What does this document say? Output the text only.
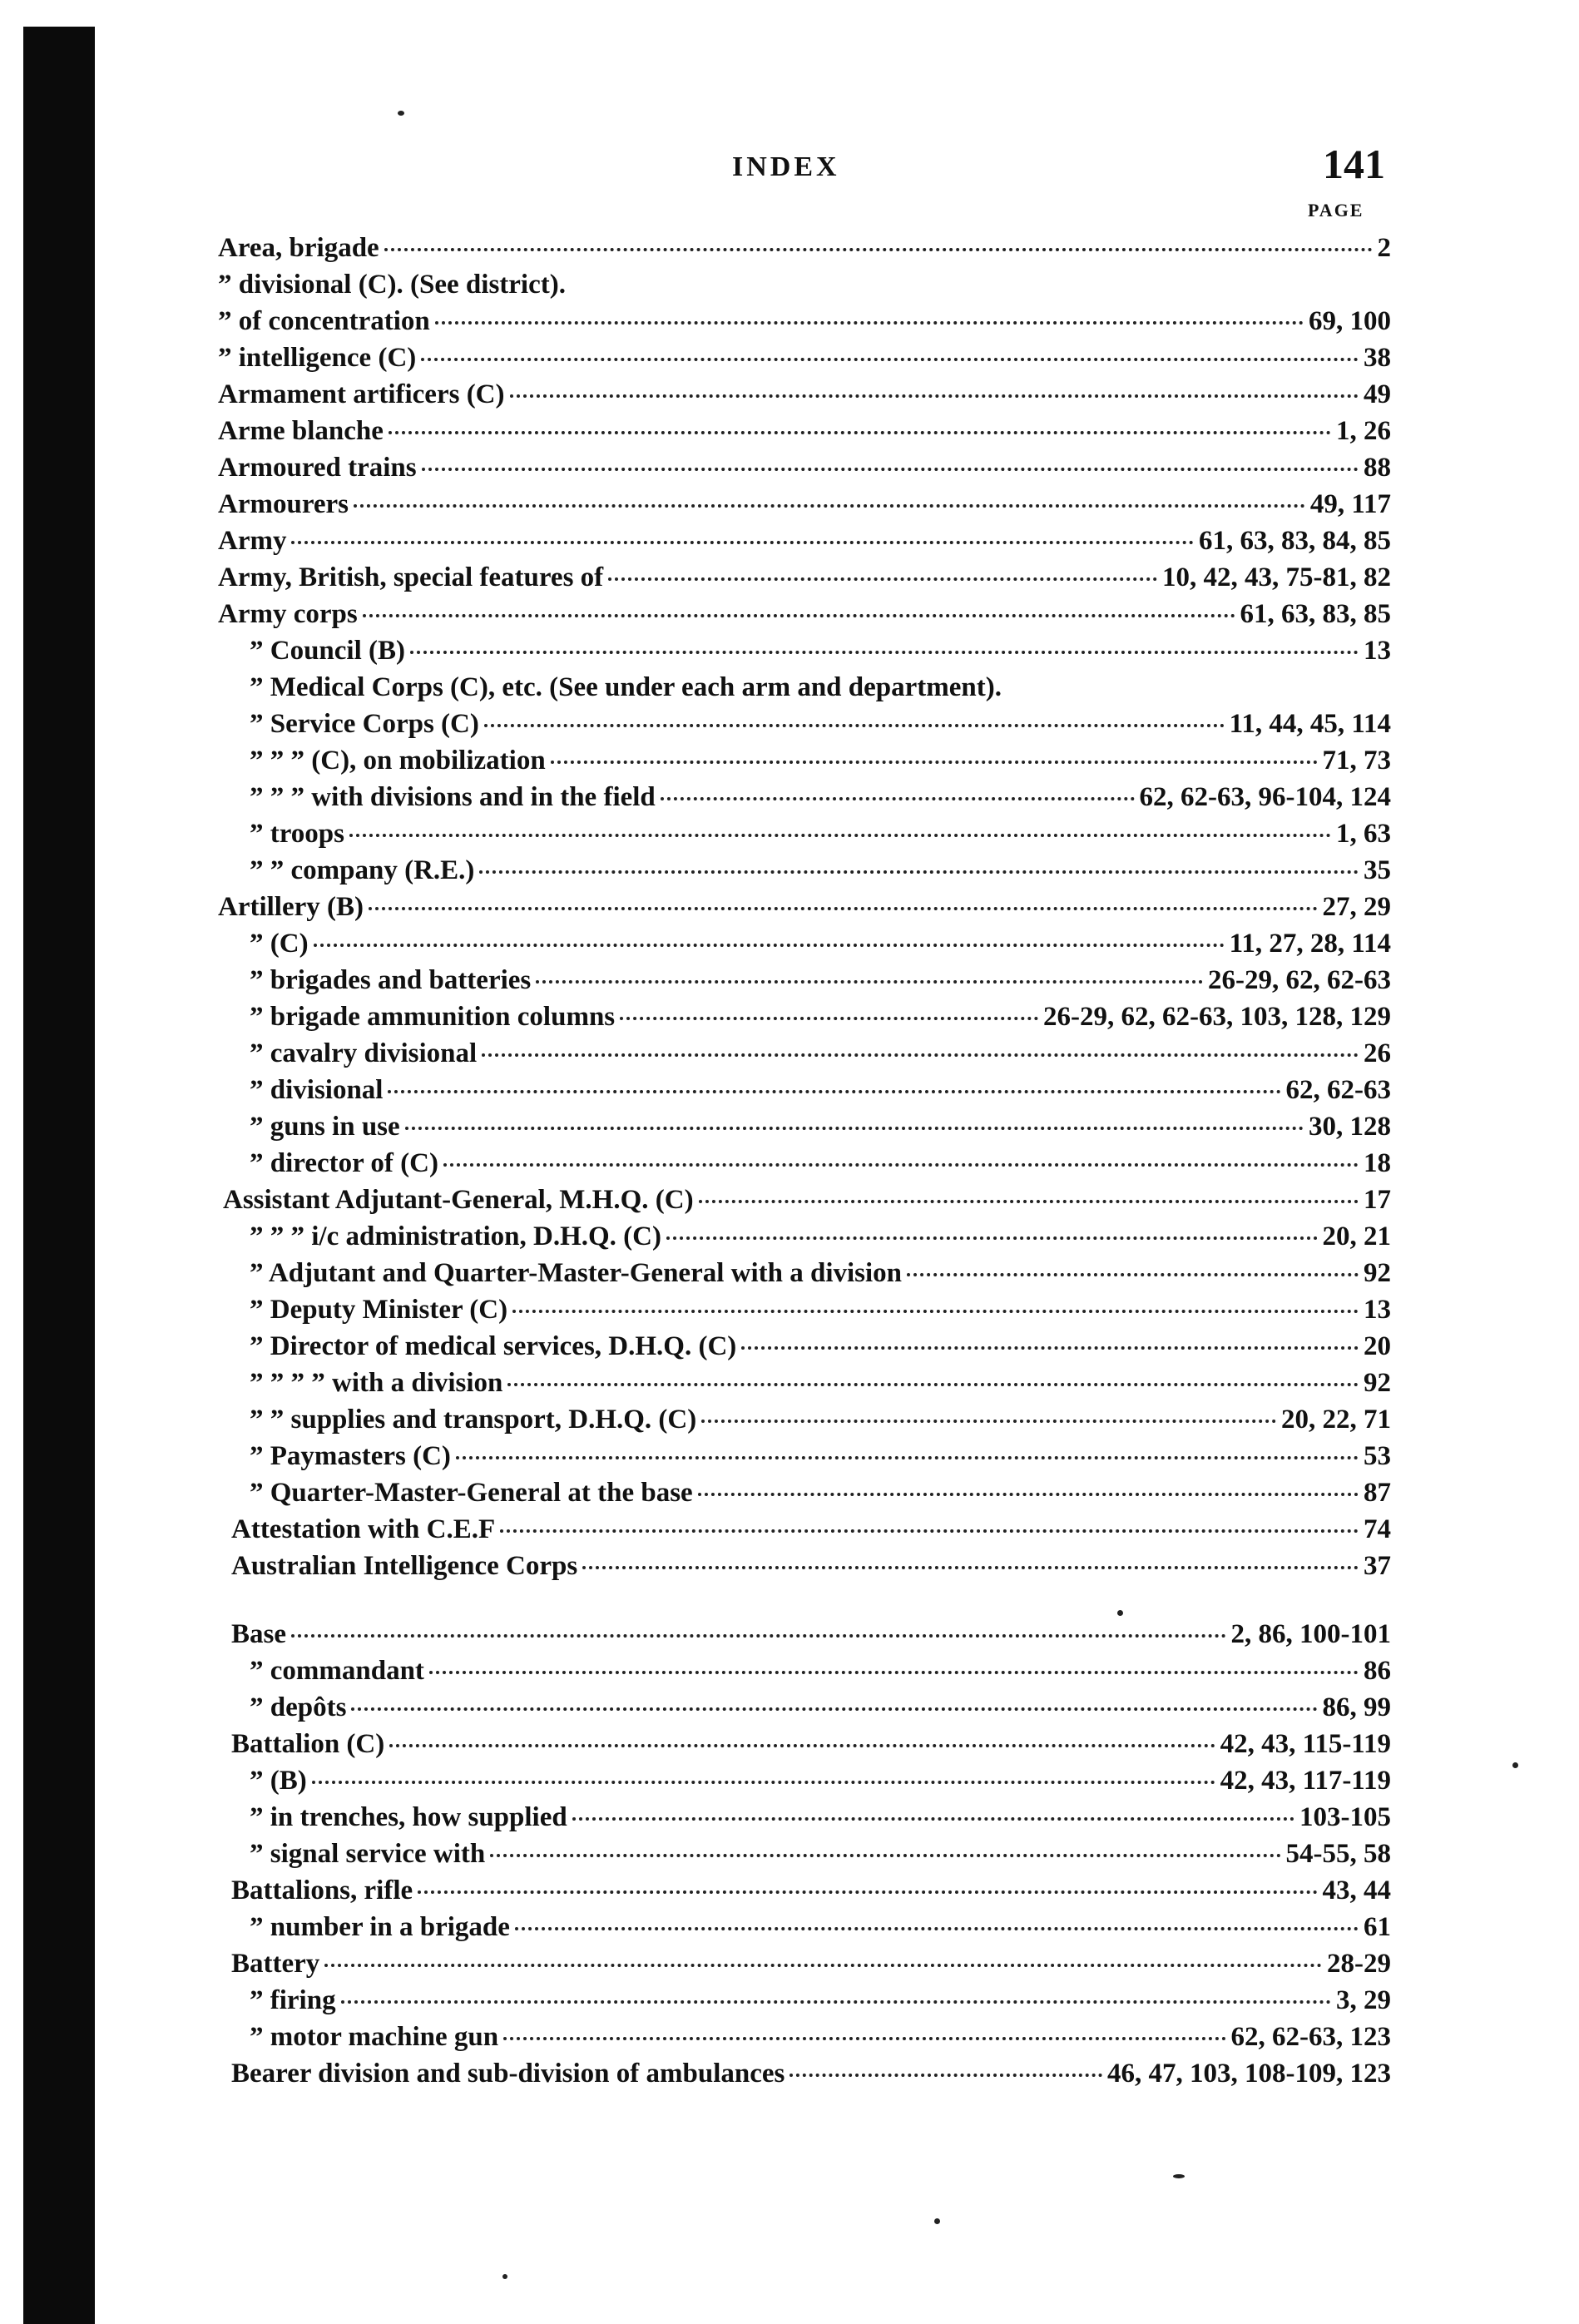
INDEX	141
PAGE
Area, brigade	2
” divisional (C). (See district).
” of concentration	69, 100
” intelligence (C)	38
Armament artificers (C)	49
Arme blanche	1, 26
Armoured trains	88
Armourers	49, 117
Army	61, 63, 83, 84, 85
Army, British, special features of	10, 42, 43, 75-81, 82
Army corps	61, 63, 83, 85
” Council (B)	13
” Medical Corps (C), etc. (See under each arm and department).
” Service Corps (C)	11, 44, 45, 114
” ” ” (C), on mobilization	71, 73
” ” ” with divisions and in the field	62, 62-63, 96-104, 124
” troops	1, 63
” ” company (R.E.)	35
Artillery (B)	27, 29
” (C)	11, 27, 28, 114
” brigades and batteries	26-29, 62, 62-63
” brigade ammunition columns	26-29, 62, 62-63, 103, 128, 129
” cavalry divisional	26
” divisional	62, 62-63
” guns in use	30, 128
” director of (C)	18
Assistant Adjutant-General, M.H.Q. (C)	17
” ” ” i/c administration, D.H.Q. (C)	20, 21
” Adjutant and Quarter-Master-General with a division	92
” Deputy Minister (C)	13
” Director of medical services, D.H.Q. (C)	20
” ” ” ” with a division	92
” ” supplies and transport, D.H.Q. (C)	20, 22, 71
” Paymasters (C)	53
” Quarter-Master-General at the base	87
Attestation with C.E.F	74
Australian Intelligence Corps	37
Base	2, 86, 100-101
” commandant	86
” depôts	86, 99
Battalion (C)	42, 43, 115-119
” (B)	42, 43, 117-119
” in trenches, how supplied	103-105
” signal service with	54-55, 58
Battalions, rifle	43, 44
” number in a brigade	61
Battery	28-29
” firing	3, 29
” motor machine gun	62, 62-63, 123
Bearer division and sub-division of ambulances	46, 47, 103, 108-109, 123
